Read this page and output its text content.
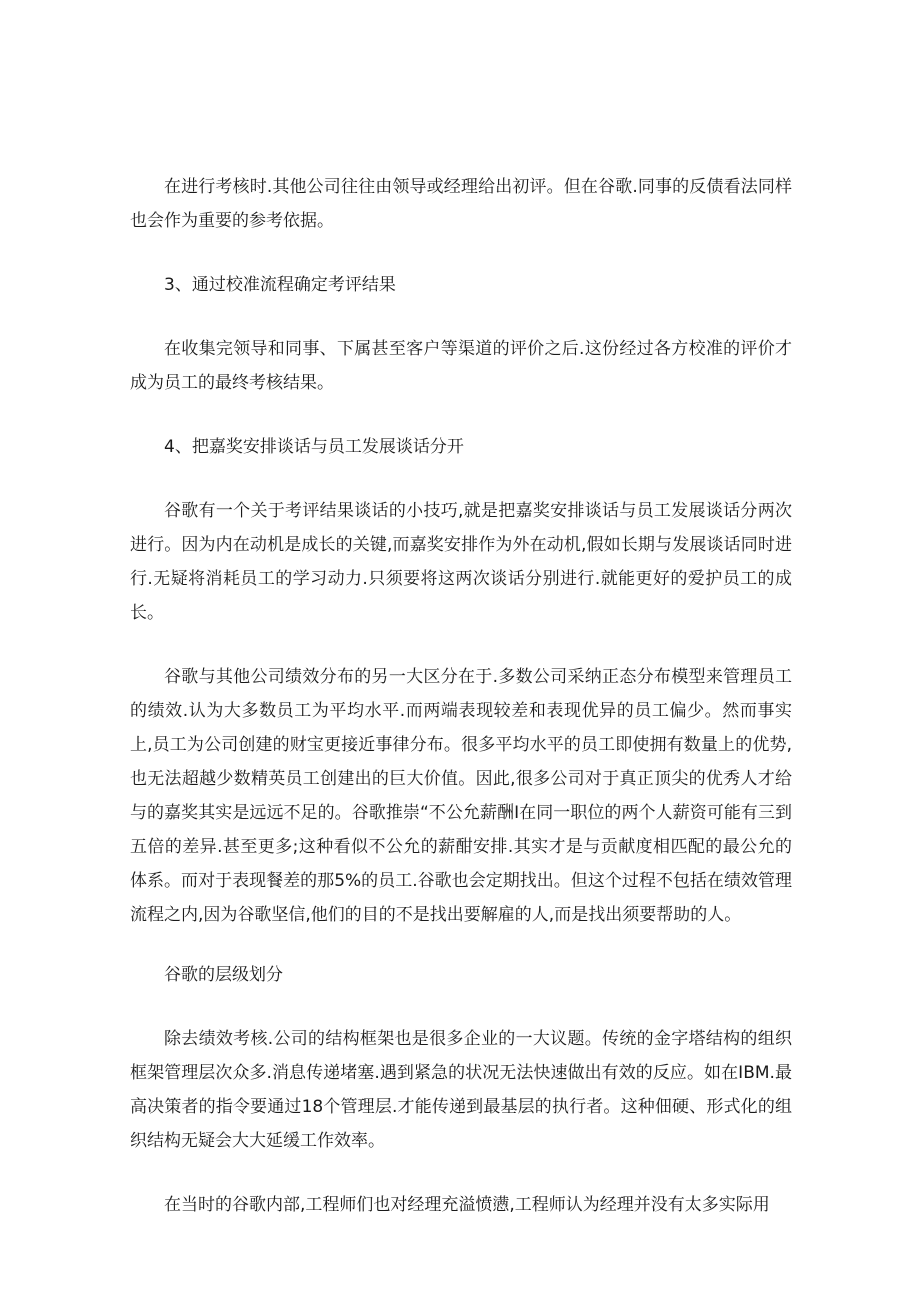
在进行考核时.其他公司往往由领导或经理给出初评。但在谷歌.同事的反债看法同样也会作为重要的参考依据。

3、通过校准流程确定考评结果

在收集完领导和同事、下属甚至客户等渠道的评价之后.这份经过各方校准的评价才成为员工的最终考核结果。

4、把嘉奖安排谈话与员工发展谈话分开

谷歌有一个关于考评结果谈话的小技巧,就是把嘉奖安排谈话与员工发展谈话分两次进行。因为内在动机是成长的关键,而嘉奖安排作为外在动机,假如长期与发展谈话同时进行.无疑将消耗员工的学习动力.只须要将这两次谈话分别进行.就能更好的爱护员工的成长。

谷歌与其他公司绩效分布的另一大区分在于.多数公司采纳正态分布模型来管理员工的绩效.认为大多数员工为平均水平.而两端表现较差和表现优异的员工偏少。然而事实上,员工为公司创建的财宝更接近事律分布。很多平均水平的员工即使拥有数量上的优势,也无法超越少数精英员工创建出的巨大价值。因此,很多公司对于真正顶尖的优秀人才给与的嘉奖其实是远远不足的。谷歌推崇“不公允薪酬I在同一职位的两个人薪资可能有三到五倍的差异.甚至更多;这种看似不公允的薪酣安排.其实才是与贡献度相匹配的最公允的体系。而对于表现餐差的那5%的员工.谷歌也会定期找出。但这个过程不包括在绩效管理流程之内,因为谷歌坚信,他们的目的不是找出要解雇的人,而是找出须要帮助的人。

谷歌的层级划分

除去绩效考核.公司的结构框架也是很多企业的一大议题。传统的金字塔结构的组织框架管理层次众多.消息传递堵塞.遇到紧急的状况无法快速做出有效的反应。如在IBM.最高决策者的指令要通过18个管理层.才能传递到最基层的执行者。这种佃硬、形式化的组织结构无疑会大大延缓工作效率。

在当时的谷歌内部,工程师们也对经理充溢愤懑,工程师认为经理并没有太多实际用
